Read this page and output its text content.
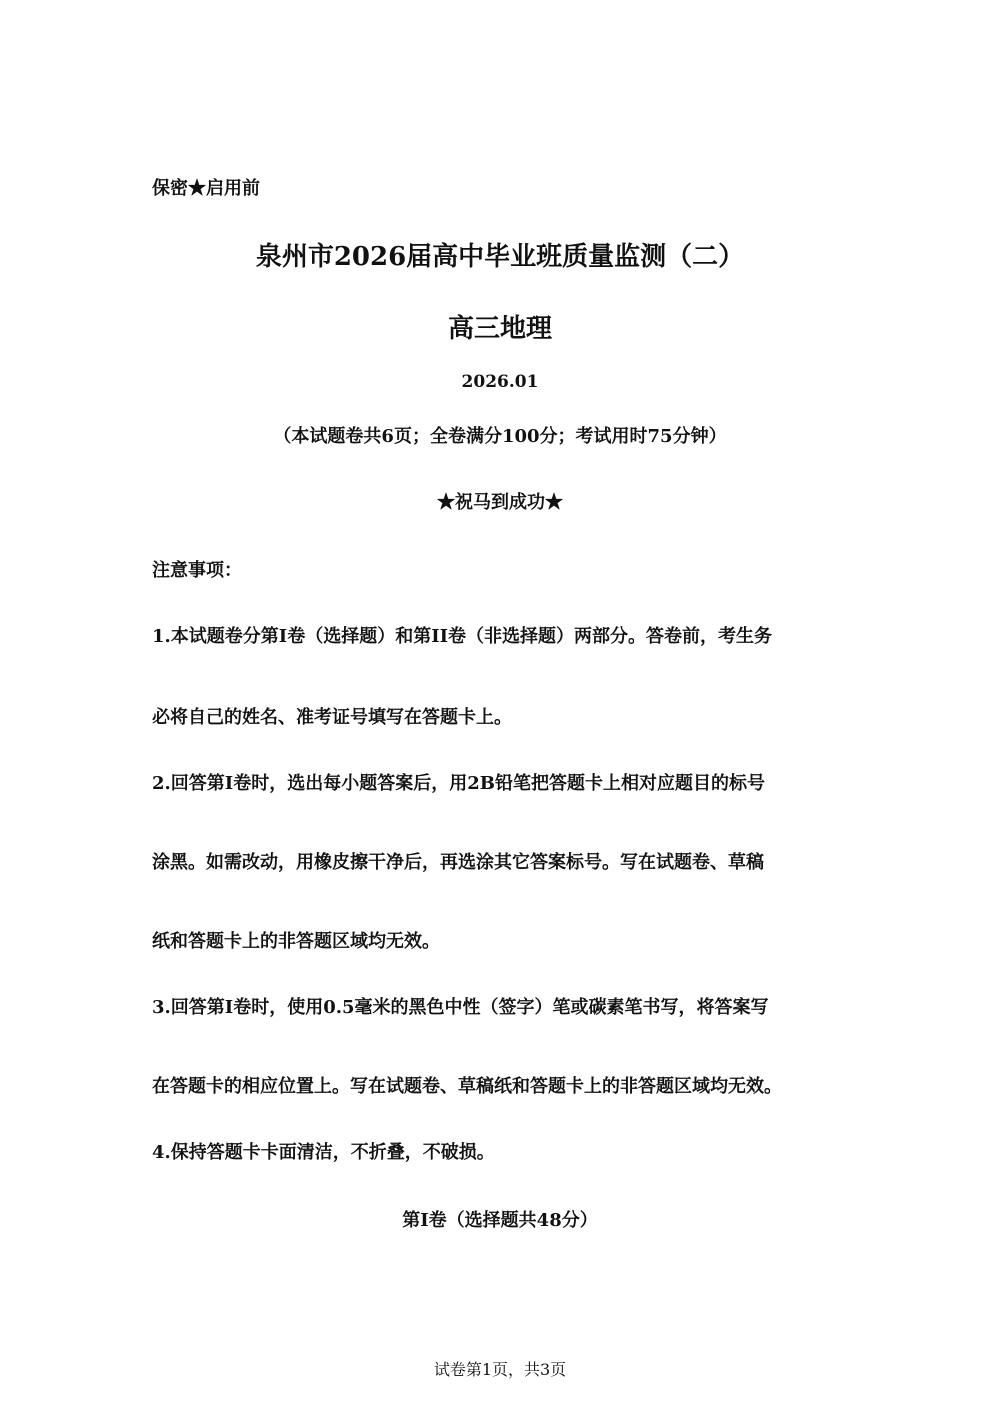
保密★启用前
泉州市2026届高中毕业班质量监测（二）
高三地理
2026.01
（本试题卷共6页；全卷满分100分；考试用时75分钟）
★祝马到成功★
注意事项：
1.本试题卷分第I卷（选择题）和第II卷（非选择题）两部分。答卷前，考生务
必将自己的姓名、准考证号填写在答题卡上。
2.回答第I卷时，选出每小题答案后，用2B铅笔把答题卡上相对应题目的标号
涂黑。如需改动，用橡皮擦干净后，再选涂其它答案标号。写在试题卷、草稿
纸和答题卡上的非答题区域均无效。
3.回答第I卷时，使用0.5毫米的黑色中性（签字）笔或碳素笔书写，将答案写
在答题卡的相应位置上。写在试题卷、草稿纸和答题卡上的非答题区域均无效。
4.保持答题卡卡面清洁，不折叠，不破损。
第I卷（选择题共48分）
试卷第1页，共3页
